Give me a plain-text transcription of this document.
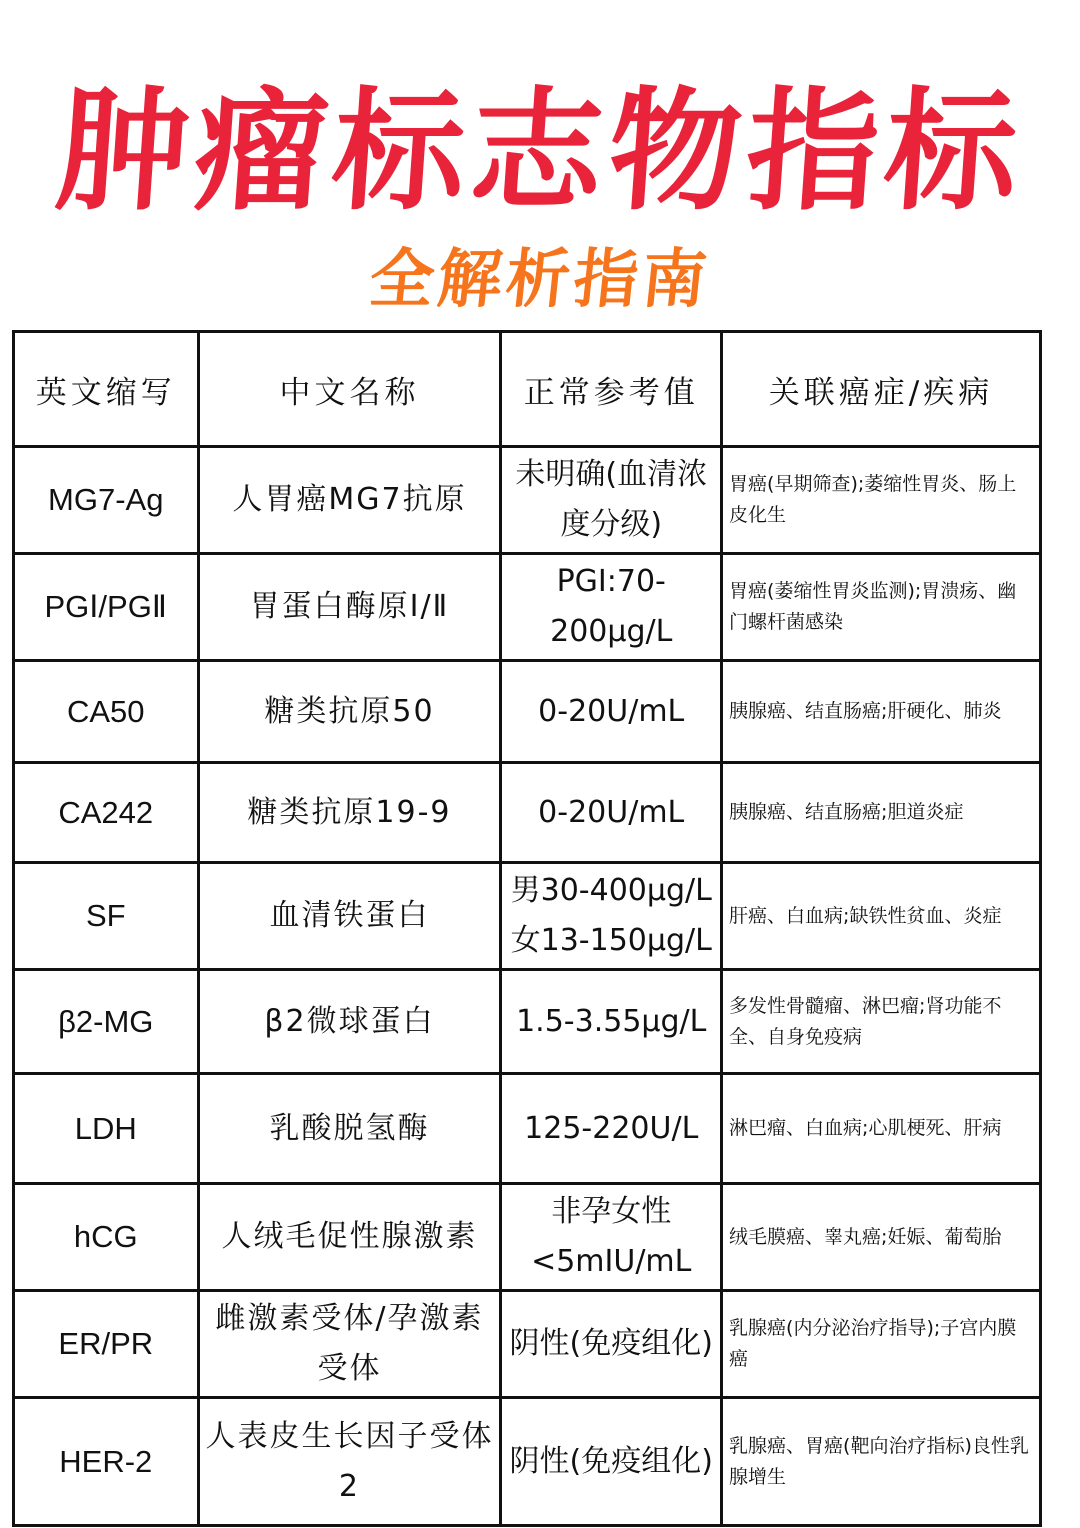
肿瘤标志物指标
全解析指南
英文缩写	中文名称	正常参考值	关联癌症/疾病
MG7-Ag	人胃癌MG7抗原	未明确(血清浓度分级)	胃癌(早期筛查);萎缩性胃炎、肠上皮化生
PGⅠ/PGⅡ	胃蛋白酶原Ⅰ/Ⅱ	PGⅠ:70-200μg/L	胃癌(萎缩性胃炎监测);胃溃疡、幽门螺杆菌感染
CA50	糖类抗原50	0-20U/mL	胰腺癌、结直肠癌;肝硬化、肺炎
CA242	糖类抗原19-9	0-20U/mL	胰腺癌、结直肠癌;胆道炎症
SF	血清铁蛋白	男30-400μg/L 女13-150μg/L	肝癌、白血病;缺铁性贫血、炎症
β2-MG	β2微球蛋白	1.5-3.55μg/L	多发性骨髓瘤、淋巴瘤;肾功能不全、自身免疫病
LDH	乳酸脱氢酶	125-220U/L	淋巴瘤、白血病;心肌梗死、肝病
hCG	人绒毛促性腺激素	非孕女性 <5mIU/mL	绒毛膜癌、睾丸癌;妊娠、葡萄胎
ER/PR	雌激素受体/孕激素受体	阴性(免疫组化)	乳腺癌(内分泌治疗指导);子宫内膜癌
HER-2	人表皮生长因子受体2	阴性(免疫组化)	乳腺癌、胃癌(靶向治疗指标)良性乳腺增生
